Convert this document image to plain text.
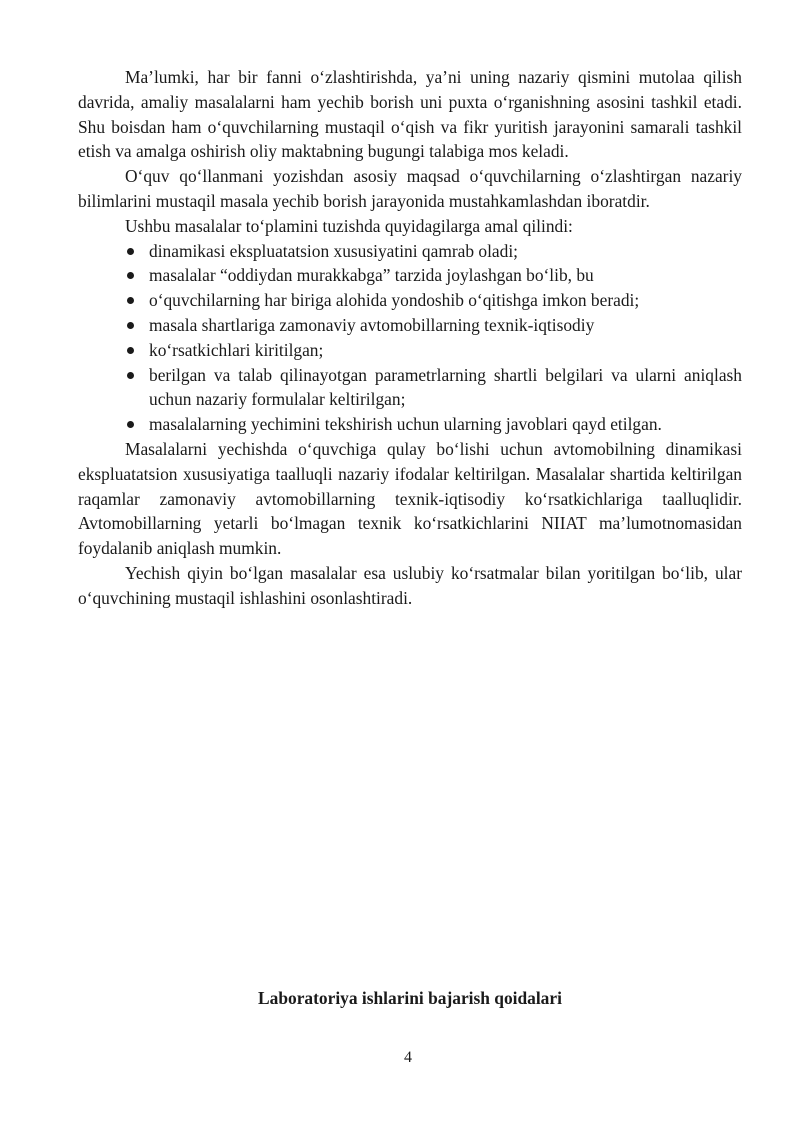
Ma’lumki, har bir fanni o‘zlashtirishda, ya’ni uning nazariy qismini mutolaa qilish davrida, amaliy masalalarni ham yechib borish uni puxta o‘rganishning asosini tashkil etadi. Shu boisdan ham o‘quvchilarning mustaqil o‘qish va fikr yuritish jarayonini samarali tashkil etish va amalga oshirish oliy maktabning bugungi talabiga mos keladi.

O‘quv qo‘llanmani yozishdan asosiy maqsad o‘quvchilarning o‘zlashtirgan nazariy bilimlarini mustaqil masala yechib borish jarayonida mustahkamlashdan iboratdir.

Ushbu masalalar to‘plamini tuzishda quyidagilarga amal qilindi:

dinamikasi ekspluatatsion xususiyatini qamrab oladi;
masalalar “oddiydan murakkabga” tarzida joylashgan bo‘lib, bu
o‘quvchilarning har biriga alohida yondoshib o‘qitishga imkon beradi;
masala shartlariga zamonaviy avtomobillarning texnik-iqtisodiy
ko‘rsatkichlari kiritilgan;
berilgan va talab qilinayotgan parametrlarning shartli belgilari va ularni aniqlash uchun nazariy formulalar keltirilgan;
masalalarning yechimini tekshirish uchun ularning javoblari qayd etilgan.

Masalalarni yechishda o‘quvchiga qulay bo‘lishi uchun avtomobilning dinamikasi ekspluatatsion xususiyatiga taalluqli nazariy ifodalar keltirilgan. Masalalar shartida keltirilgan raqamlar zamonaviy avtomobillarning texnik-iqtisodiy ko‘rsatkichlariga taalluqlidir. Avtomobillarning yetarli bo‘lmagan texnik ko‘rsatkichlarini NIIAT ma’lumotnomasidan foydalanib aniqlash mumkin.

Yechish qiyin bo‘lgan masalalar esa uslubiy ko‘rsatmalar bilan yoritilgan bo‘lib, ular o‘quvchining mustaqil ishlashini osonlashtiradi.

Laboratoriya ishlarini bajarish qoidalari
4
